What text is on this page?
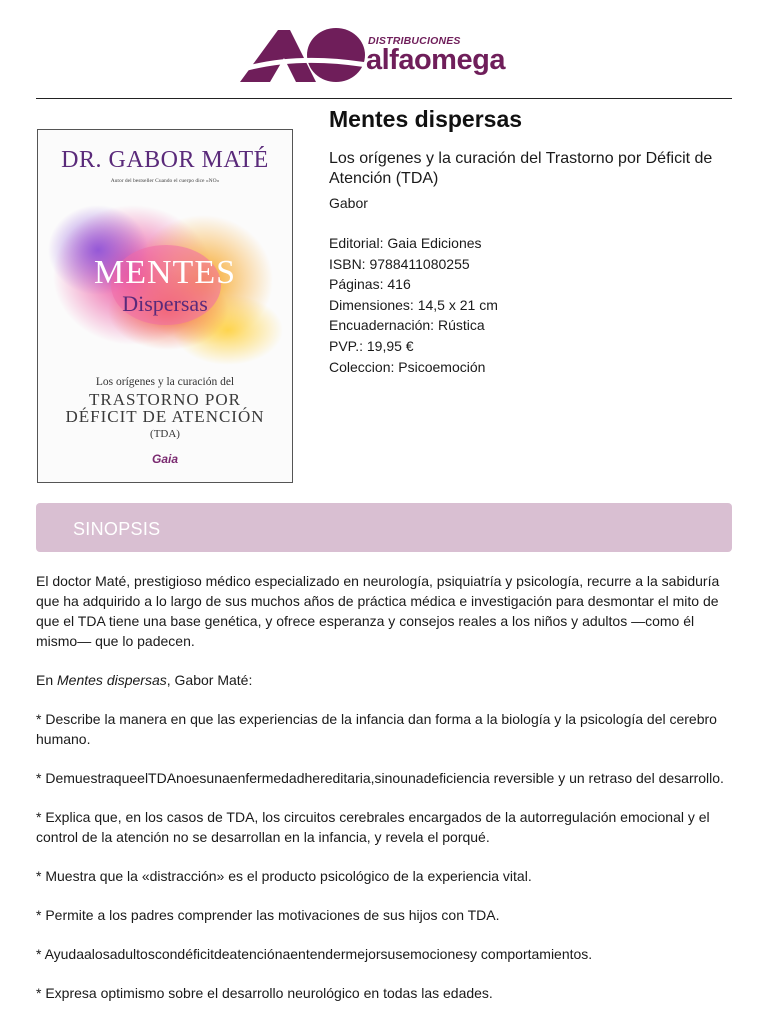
DISTRIBUCIONES
alfaomega
DR. GABOR MATÉ
Autor del bestseller Cuando el cuerpo dice «NO»
MENTES
Dispersas
Los orígenes y la curación del
TRASTORNO POR
DÉFICIT DE ATENCIÓN
(TDA)
Gaia
Mentes dispersas
Los orígenes y la curación del Trastorno por Déficit de Atención (TDA)
Gabor
Editorial: Gaia Ediciones
ISBN: 9788411080255
Páginas: 416
Dimensiones: 14,5 x 21 cm
Encuadernación: Rústica
PVP.: 19,95 €
Coleccion: Psicoemoción
SINOPSIS

El doctor Maté, prestigioso médico especializado en neurología, psiquiatría y psicología, recurre a la sabiduría que ha adquirido a lo largo de sus muchos años de práctica médica e investigación para desmontar el mito de que el TDA tiene una base genética, y ofrece esperanza y consejos reales a los niños y adultos —como él mismo— que lo padecen.

En Mentes dispersas, Gabor Maté:

* Describe la manera en que las experiencias de la infancia dan forma a la biología y la psicología del cerebro humano.

* DemuestraqueelTDAnoesunaenfermedadhereditaria,sinounadeficiencia reversible y un retraso del desarrollo.

* Explica que, en los casos de TDA, los circuitos cerebrales encargados de la autorregulación emocional y el control de la atención no se desarrollan en la infancia, y revela el porqué.

* Muestra que la «distracción» es el producto psicológico de la experiencia vital.

* Permite a los padres comprender las motivaciones de sus hijos con TDA.

* Ayudaalosadultoscondéficitdeatenciónaentendermejorsusemocionesy comportamientos.

* Expresa optimismo sobre el desarrollo neurológico en todas las edades.
